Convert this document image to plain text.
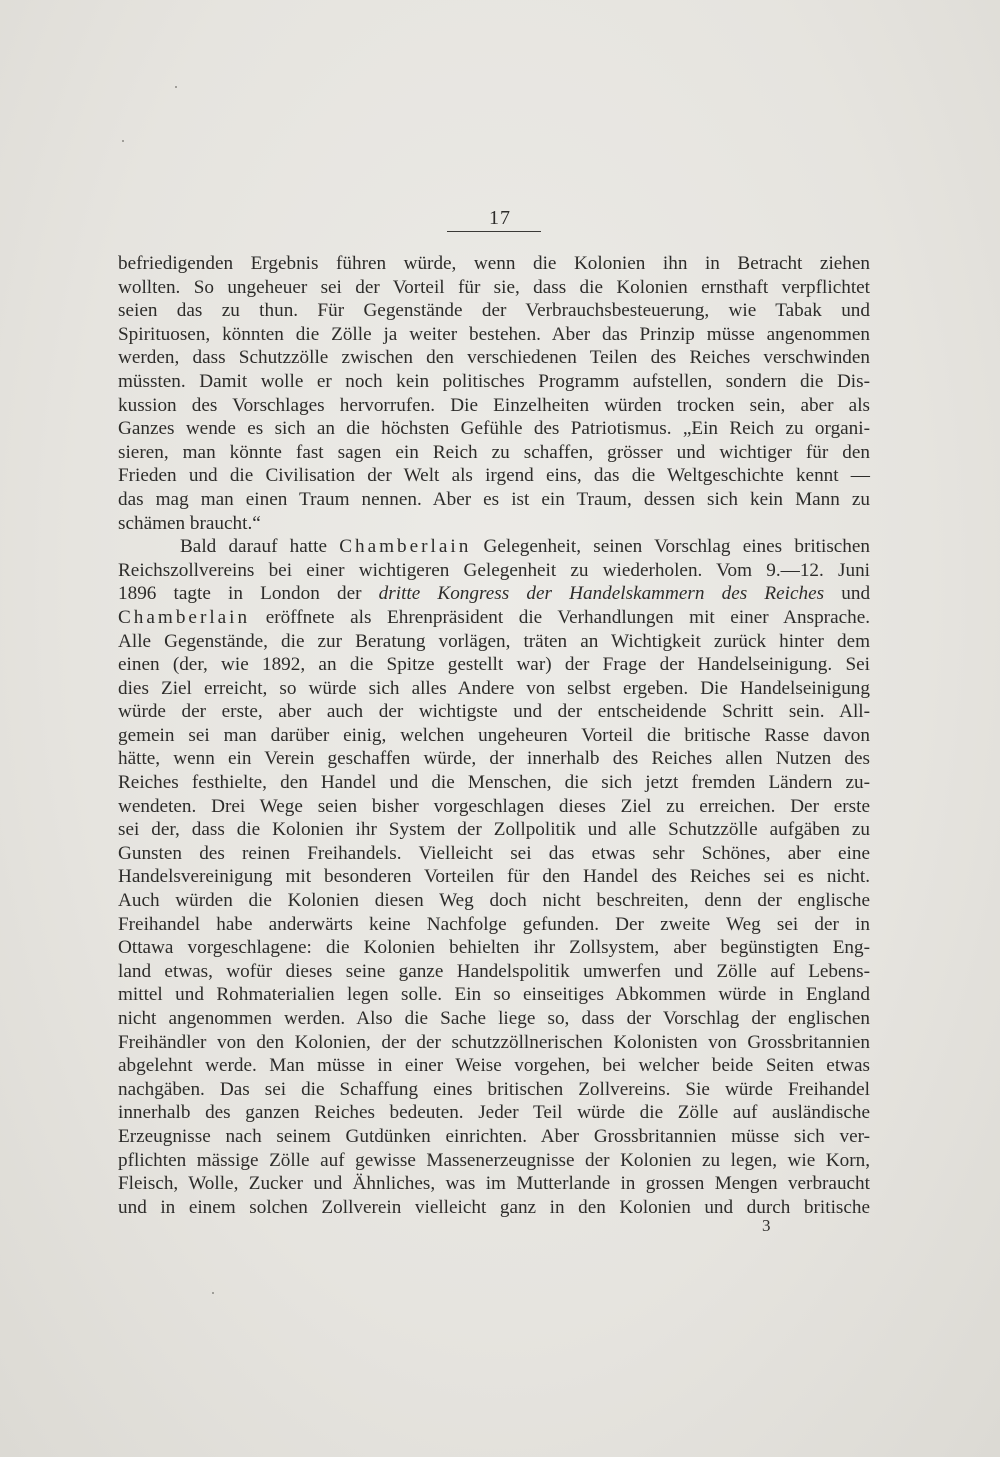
17
befriedigenden Ergebnis führen würde, wenn die Kolonien ihn in Betracht ziehen
wollten. So ungeheuer sei der Vorteil für sie, dass die Kolonien ernsthaft verpflichtet
seien das zu thun. Für Gegenstände der Verbrauchsbesteuerung, wie Tabak und
Spirituosen, könnten die Zölle ja weiter bestehen. Aber das Prinzip müsse angenommen
werden, dass Schutzzölle zwischen den verschiedenen Teilen des Reiches verschwinden
müssten. Damit wolle er noch kein politisches Programm aufstellen, sondern die Dis-
kussion des Vorschlages hervorrufen. Die Einzelheiten würden trocken sein, aber als
Ganzes wende es sich an die höchsten Gefühle des Patriotismus. „Ein Reich zu organi-
sieren, man könnte fast sagen ein Reich zu schaffen, grösser und wichtiger für den
Frieden und die Civilisation der Welt als irgend eins, das die Weltgeschichte kennt —
das mag man einen Traum nennen. Aber es ist ein Traum, dessen sich kein Mann zu
schämen braucht.“
Bald darauf hatte Chamberlain Gelegenheit, seinen Vorschlag eines britischen
Reichszollvereins bei einer wichtigeren Gelegenheit zu wiederholen. Vom 9.—12. Juni
1896 tagte in London der dritte Kongress der Handelskammern des Reiches und
Chamberlain eröffnete als Ehrenpräsident die Verhandlungen mit einer Ansprache.
Alle Gegenstände, die zur Beratung vorlägen, träten an Wichtigkeit zurück hinter dem
einen (der, wie 1892, an die Spitze gestellt war) der Frage der Handelseinigung. Sei
dies Ziel erreicht, so würde sich alles Andere von selbst ergeben. Die Handelseinigung
würde der erste, aber auch der wichtigste und der entscheidende Schritt sein. All-
gemein sei man darüber einig, welchen ungeheuren Vorteil die britische Rasse davon
hätte, wenn ein Verein geschaffen würde, der innerhalb des Reiches allen Nutzen des
Reiches festhielte, den Handel und die Menschen, die sich jetzt fremden Ländern zu-
wendeten. Drei Wege seien bisher vorgeschlagen dieses Ziel zu erreichen. Der erste
sei der, dass die Kolonien ihr System der Zollpolitik und alle Schutzzölle aufgäben zu
Gunsten des reinen Freihandels. Vielleicht sei das etwas sehr Schönes, aber eine
Handelsvereinigung mit besonderen Vorteilen für den Handel des Reiches sei es nicht.
Auch würden die Kolonien diesen Weg doch nicht beschreiten, denn der englische
Freihandel habe anderwärts keine Nachfolge gefunden. Der zweite Weg sei der in
Ottawa vorgeschlagene: die Kolonien behielten ihr Zollsystem, aber begünstigten Eng-
land etwas, wofür dieses seine ganze Handelspolitik umwerfen und Zölle auf Lebens-
mittel und Rohmaterialien legen solle. Ein so einseitiges Abkommen würde in England
nicht angenommen werden. Also die Sache liege so, dass der Vorschlag der englischen
Freihändler von den Kolonien, der der schutzzöllnerischen Kolonisten von Grossbritannien
abgelehnt werde. Man müsse in einer Weise vorgehen, bei welcher beide Seiten etwas
nachgäben. Das sei die Schaffung eines britischen Zollvereins. Sie würde Freihandel
innerhalb des ganzen Reiches bedeuten. Jeder Teil würde die Zölle auf ausländische
Erzeugnisse nach seinem Gutdünken einrichten. Aber Grossbritannien müsse sich ver-
pflichten mässige Zölle auf gewisse Massenerzeugnisse der Kolonien zu legen, wie Korn,
Fleisch, Wolle, Zucker und Ähnliches, was im Mutterlande in grossen Mengen verbraucht
und in einem solchen Zollverein vielleicht ganz in den Kolonien und durch britische
3
